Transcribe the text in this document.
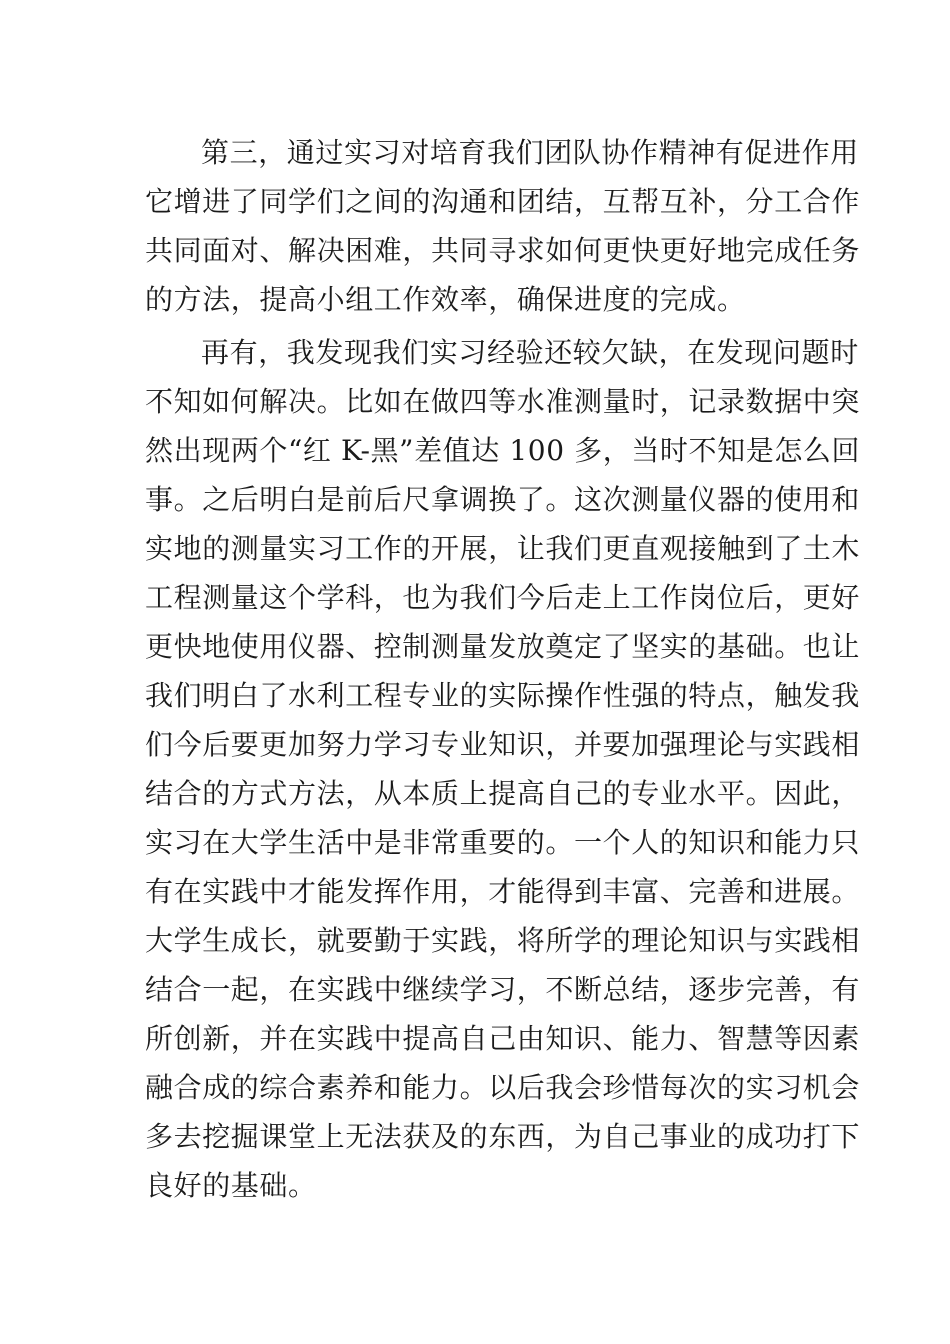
第三，通过实习对培育我们团队协作精神有促进作用
它增进了同学们之间的沟通和团结，互帮互补，分工合作
共同面对、解决困难，共同寻求如何更快更好地完成任务
的方法，提高小组工作效率，确保进度的完成。
再有，我发现我们实习经验还较欠缺，在发现问题时
不知如何解决。比如在做四等水准测量时，记录数据中突
然出现两个“红 K-黑”差值达 100 多，当时不知是怎么回
事。之后明白是前后尺拿调换了。这次测量仪器的使用和
实地的测量实习工作的开展，让我们更直观接触到了土木
工程测量这个学科，也为我们今后走上工作岗位后，更好
更快地使用仪器、控制测量发放奠定了坚实的基础。也让
我们明白了水利工程专业的实际操作性强的特点，触发我
们今后要更加努力学习专业知识，并要加强理论与实践相
结合的方式方法，从本质上提高自己的专业水平。因此，
实习在大学生活中是非常重要的。一个人的知识和能力只
有在实践中才能发挥作用，才能得到丰富、完善和进展。
大学生成长，就要勤于实践，将所学的理论知识与实践相
结合一起，在实践中继续学习，不断总结，逐步完善，有
所创新，并在实践中提高自己由知识、能力、智慧等因素
融合成的综合素养和能力。以后我会珍惜每次的实习机会
多去挖掘课堂上无法获及的东西，为自己事业的成功打下
良好的基础。
